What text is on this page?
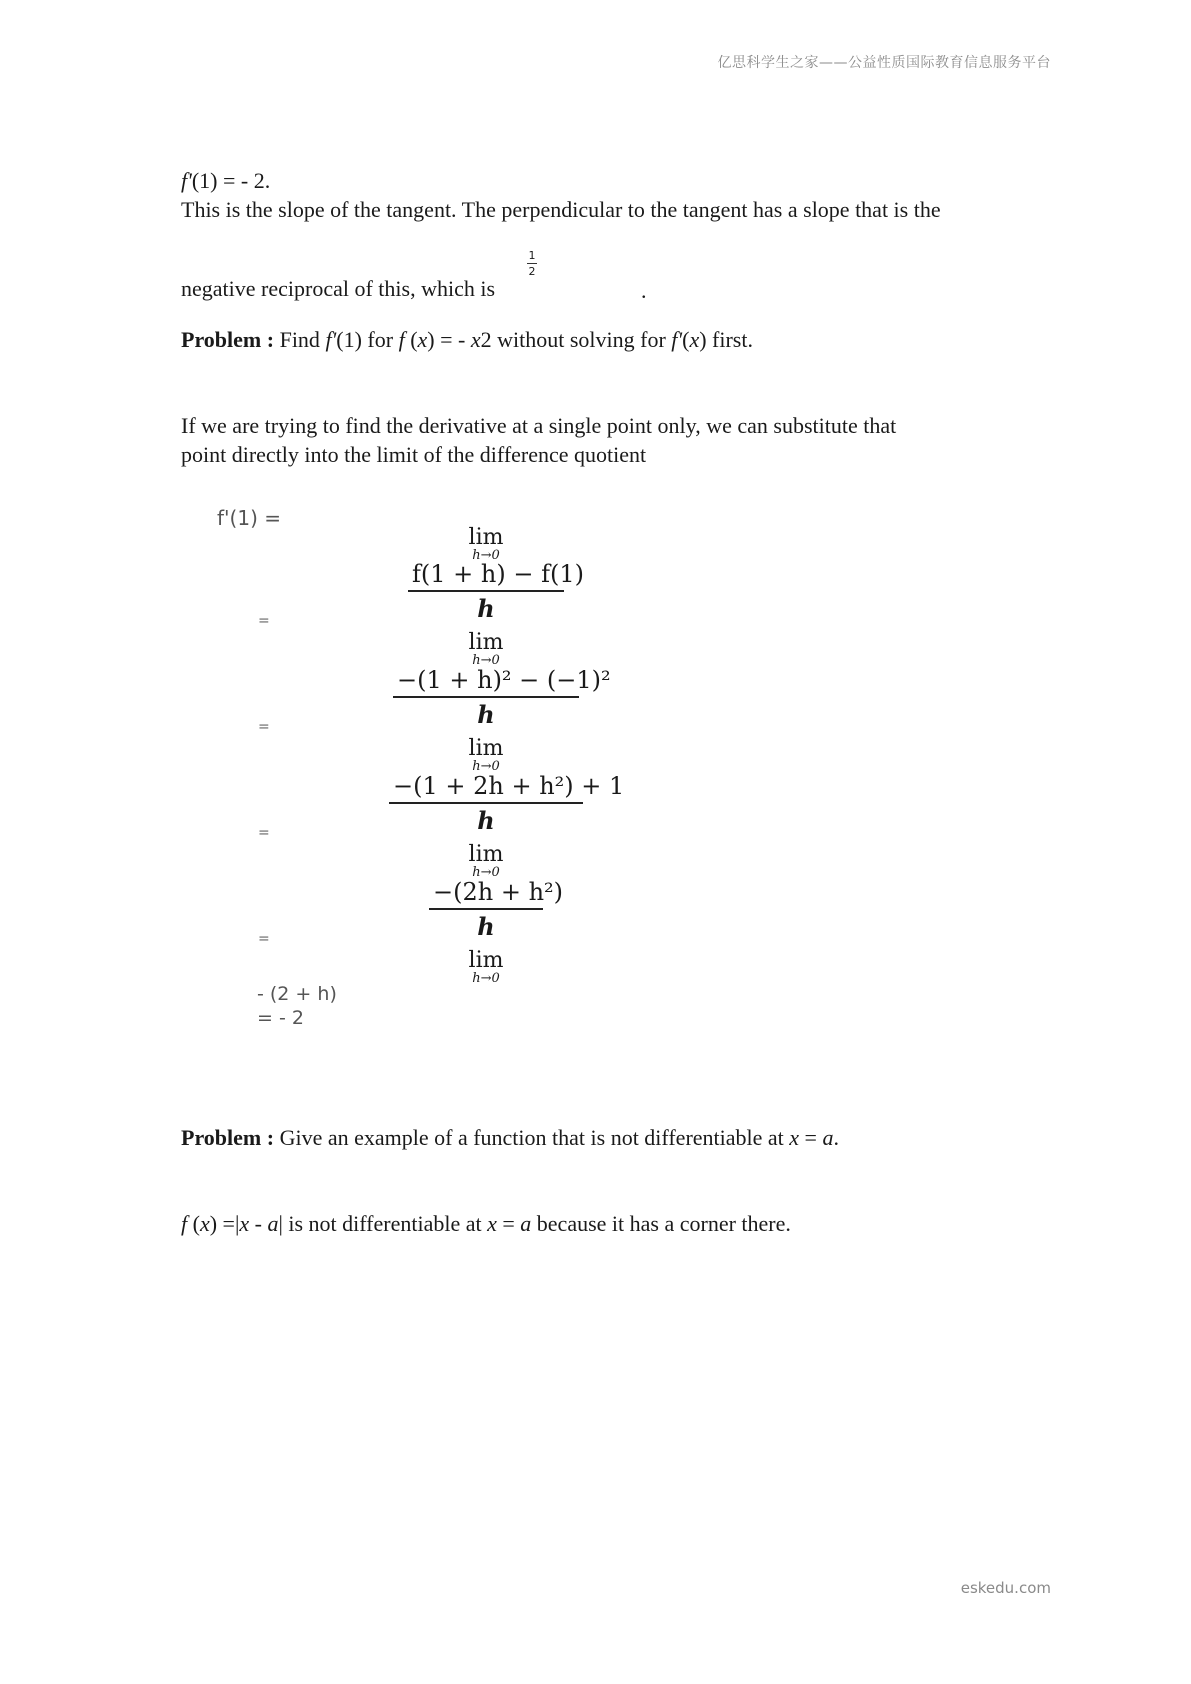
亿思科学生之家——公益性质国际教育信息服务平台
f'(1) = - 2.
This is the slope of the tangent. The perpendicular to the tangent has a slope that is the
negative reciprocal of this, which is
1
2
.
Problem : Find f'(1) for f (x) = - x2 without solving for f'(x) first.
If we are trying to find the derivative at a single point only, we can substitute that
point directly into the limit of the difference quotient
f'(1) =
lim
h→0
$\frac{f(1 + h) - f(1)}{h}$
=
lim
h→0
$\frac{\text{−(1 + h)² − (−1)²}}{h}$
=
lim
h→0
$\frac{\text{−(1 + 2h + h²) + 1}}{h}$
=
lim
h→0
$\frac{\text{−(2h + h²)}}{h}$
=
lim
h→0
- (2 + h)
= - 2
Problem : Give an example of a function that is not differentiable at x = a.
f (x) =|x - a| is not differentiable at x = a because it has a corner there.
eskedu.com
